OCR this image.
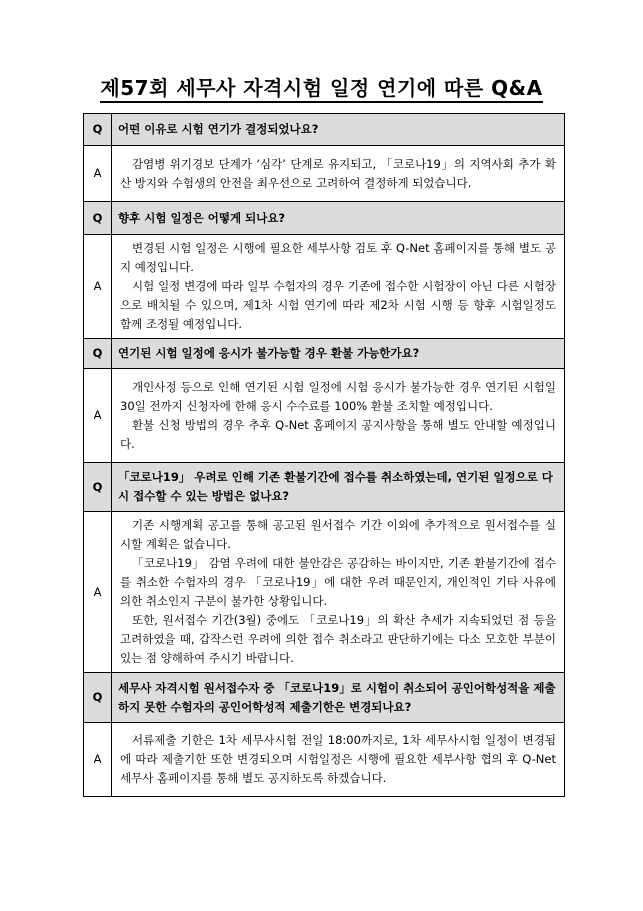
제57회 세무사 자격시험 일정 연기에 따른 Q&A
Q	어떤 이유로 시험 연기가 결정되었나요?
A	감염병 위기경보 단계가 ‘심각’ 단계로 유지되고, 「코로나19」의 지역사회 추가 확산 방지와 수험생의 안전을 최우선으로 고려하여 결정하게 되었습니다.

Q	향후 시험 일정은 어떻게 되나요?
A	변경된 시험 일정은 시행에 필요한 세부사항 검토 후 Q-Net 홈페이지를 통해 별도 공지 예정입니다.
시험 일정 변경에 따라 일부 수험자의 경우 기존에 접수한 시험장이 아닌 다른 시험장으로 배치될 수 있으며, 제1차 시험 연기에 따라 제2차 시험 시행 등 향후 시험일정도 함께 조정될 예정입니다.

Q	연기된 시험 일정에 응시가 불가능할 경우 환불 가능한가요?
A	개인사정 등으로 인해 연기된 시험 일정에 시험 응시가 불가능한 경우 연기된 시험일 30일 전까지 신청자에 한해 응시 수수료를 100% 환불 조치할 예정입니다.
환불 신청 방법의 경우 추후 Q-Net 홈페이지 공지사항을 통해 별도 안내할 예정입니다.

Q	「코로나19」 우려로 인해 기존 환불기간에 접수를 취소하였는데, 연기된 일정으로 다시 접수할 수 있는 방법은 없나요?
A	기존 시행계획 공고를 통해 공고된 원서접수 기간 이외에 추가적으로 원서접수를 실시할 계획은 없습니다.
「코로나19」 감염 우려에 대한 불안감은 공감하는 바이지만, 기존 환불기간에 접수를 취소한 수험자의 경우 「코로나19」에 대한 우려 때문인지, 개인적인 기타 사유에 의한 취소인지 구분이 불가한 상황입니다.
또한, 원서접수 기간(3월) 중에도 「코로나19」의 확산 추세가 지속되었던 점 등을 고려하였을 때, 갑작스런 우려에 의한 접수 취소라고 판단하기에는 다소 모호한 부분이 있는 점 양해하여 주시기 바랍니다.

Q	세무사 자격시험 원서접수자 중 「코로나19」로 시험이 취소되어 공인어학성적을 제출하지 못한 수험자의 공인어학성적 제출기한은 변경되나요?
A	서류제출 기한은 1차 세무사시험 전일 18:00까지로, 1차 세무사시험 일정이 변경됨에 따라 제출기한 또한 변경되오며 시험일정은 시행에 필요한 세부사항 협의 후 Q-Net 세무사 홈페이지를 통해 별도 공지하도록 하겠습니다.
